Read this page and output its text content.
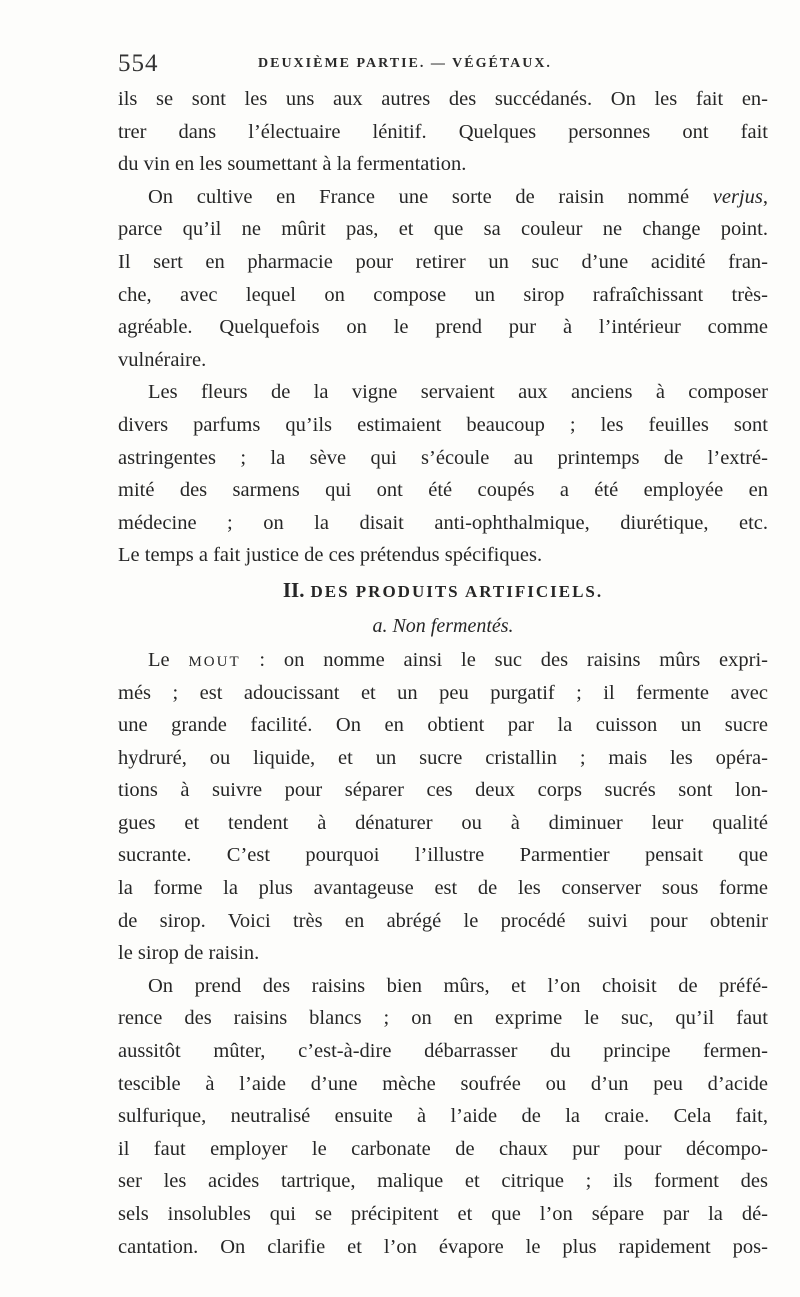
554	DEUXIÈME PARTIE. — VÉGÉTAUX.
ils se sont les uns aux autres des succédanés. On les fait en-
trer dans l’électuaire lénitif. Quelques personnes ont fait
du vin en les soumettant à la fermentation.
On cultive en France une sorte de raisin nommé verjus,
parce qu’il ne mûrit pas, et que sa couleur ne change point.
Il sert en pharmacie pour retirer un suc d’une acidité fran-
che, avec lequel on compose un sirop rafraîchissant très-
agréable. Quelquefois on le prend pur à l’intérieur comme
vulnéraire.
Les fleurs de la vigne servaient aux anciens à composer
divers parfums qu’ils estimaient beaucoup ; les feuilles sont
astringentes ; la sève qui s’écoule au printemps de l’extré-
mité des sarmens qui ont été coupés a été employée en
médecine ; on la disait anti-ophthalmique, diurétique, etc.
Le temps a fait justice de ces prétendus spécifiques.
II. DES PRODUITS ARTIFICIELS.
a. Non fermentés.
Le MOUT : on nomme ainsi le suc des raisins mûrs expri-
més ; est adoucissant et un peu purgatif ; il fermente avec
une grande facilité. On en obtient par la cuisson un sucre
hydruré, ou liquide, et un sucre cristallin ; mais les opéra-
tions à suivre pour séparer ces deux corps sucrés sont lon-
gues et tendent à dénaturer ou à diminuer leur qualité
sucrante. C’est pourquoi l’illustre Parmentier pensait que
la forme la plus avantageuse est de les conserver sous forme
de sirop. Voici très en abrégé le procédé suivi pour obtenir
le sirop de raisin.
On prend des raisins bien mûrs, et l’on choisit de préfé-
rence des raisins blancs ; on en exprime le suc, qu’il faut
aussitôt mûter, c’est-à-dire débarrasser du principe fermen-
tescible à l’aide d’une mèche soufrée ou d’un peu d’acide
sulfurique, neutralisé ensuite à l’aide de la craie. Cela fait,
il faut employer le carbonate de chaux pur pour décompo-
ser les acides tartrique, malique et citrique ; ils forment des
sels insolubles qui se précipitent et que l’on sépare par la dé-
cantation. On clarifie et l’on évapore le plus rapidement pos-
